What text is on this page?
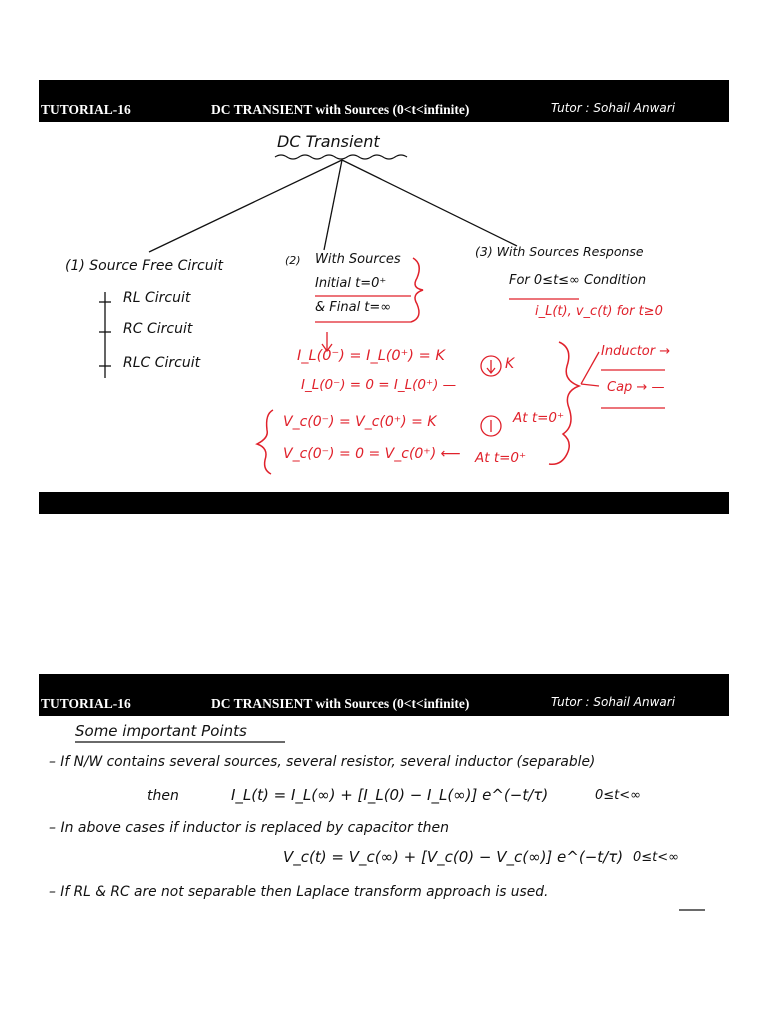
TUTORIAL-16	DC TRANSIENT with Sources (0<t<infinite)	Tutor : Sohail Anwari
DC Transient
(1) Source Free Circuit
RL Circuit
RC Circuit
RLC Circuit
(2) With Sources
Initial t=0⁺
& Final t=∞
(3) With Sources Response
For 0≤t≤∞ Condition
i_L(t), v_c(t) for t≥0
I_L(0⁻) = I_L(0⁺) = K	K
I_L(0⁻) = 0 = I_L(0⁺) —
V_c(0⁻) = V_c(0⁺) = K	At t=0⁺
V_c(0⁻) = 0 = V_c(0⁺) ⟵ At t=0⁺
Inductor →
Cap → —
TUTORIAL-16	DC TRANSIENT with Sources (0<t<infinite)	Tutor : Sohail Anwari
Some important Points
– If N/W contains several sources, several resistor, several inductor (separable)
then	I_L(t) = I_L(∞) + [I_L(0) − I_L(∞)] e^(−t/τ)	0≤t<∞
– In above cases if inductor is replaced by capacitor then
V_c(t) = V_c(∞) + [V_c(0) − V_c(∞)] e^(−t/τ) 0≤t<∞
– If RL & RC are not separable then Laplace transform approach is used.
